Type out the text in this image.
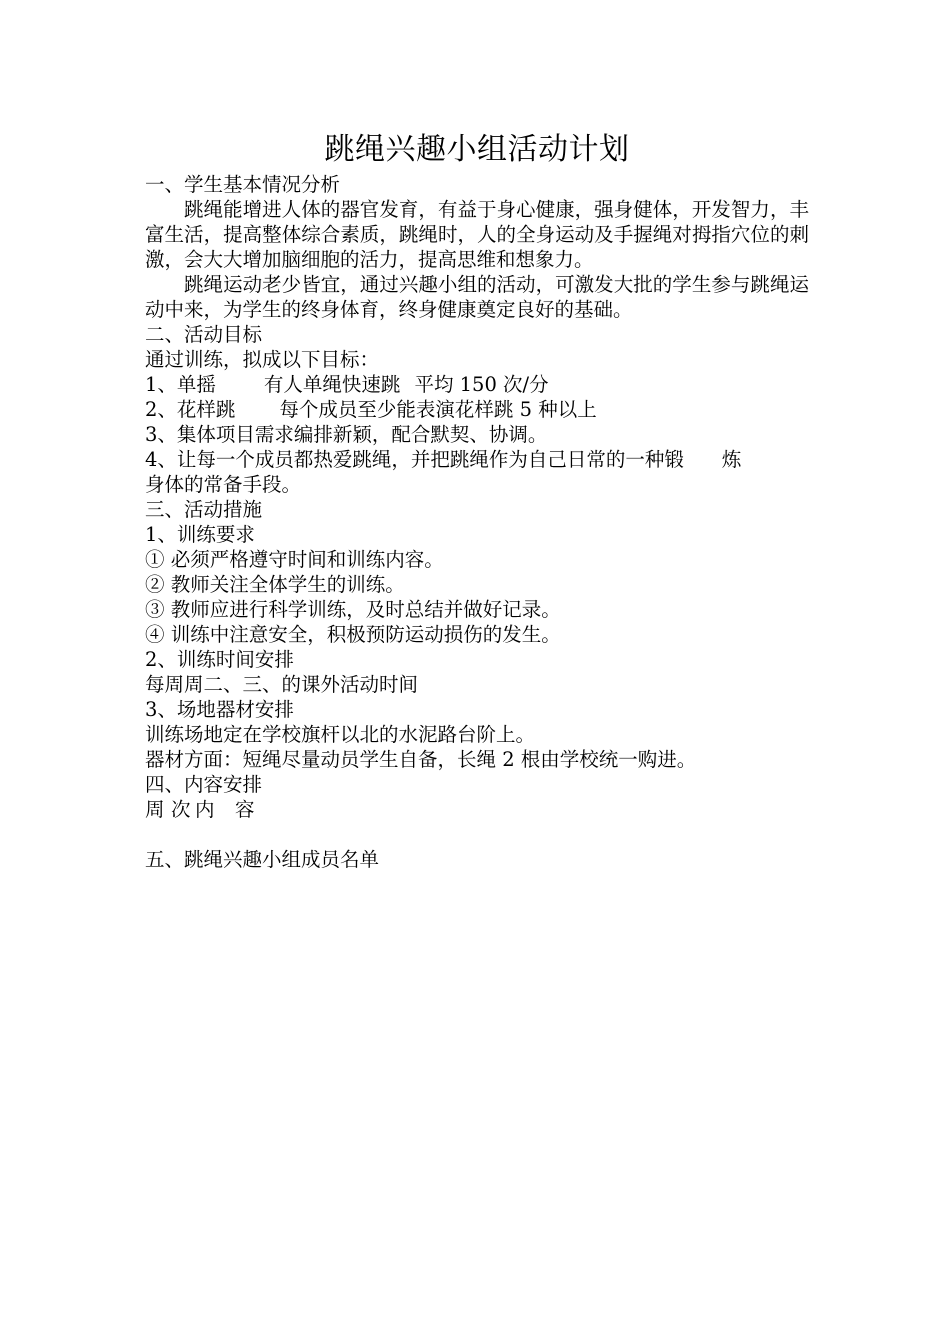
跳绳兴趣小组活动计划

一、学生基本情况分析

跳绳能增进人体的器官发育，有益于身心健康，强身健体，开发智力，丰富生活，提高整体综合素质，跳绳时，人的全身运动及手握绳对拇指穴位的刺激，会大大增加脑细胞的活力，提高思维和想象力。

跳绳运动老少皆宜，通过兴趣小组的活动，可激发大批的学生参与跳绳运动中来，为学生的终身体育，终身健康奠定良好的基础。

二、活动目标

通过训练，拟成以下目标：

1、单摇 有人单绳快速跳 平均 150 次/分

2、花样跳 每个成员至少能表演花样跳 5 种以上

3、集体项目需求编排新颖，配合默契、协调。

4、让每一个成员都热爱跳绳，并把跳绳作为自己日常的一种锻 炼

身体的常备手段。

三、活动措施

1、训练要求

① 必须严格遵守时间和训练内容。

② 教师关注全体学生的训练。

③ 教师应进行科学训练，及时总结并做好记录。

④ 训练中注意安全，积极预防运动损伤的发生。

2、训练时间安排

每周周二、三、的课外活动时间

3、场地器材安排

训练场地定在学校旗杆以北的水泥路台阶上。

器材方面：短绳尽量动员学生自备，长绳 2 根由学校统一购进。

四、内容安排

周 次 内 容

五、跳绳兴趣小组成员名单
